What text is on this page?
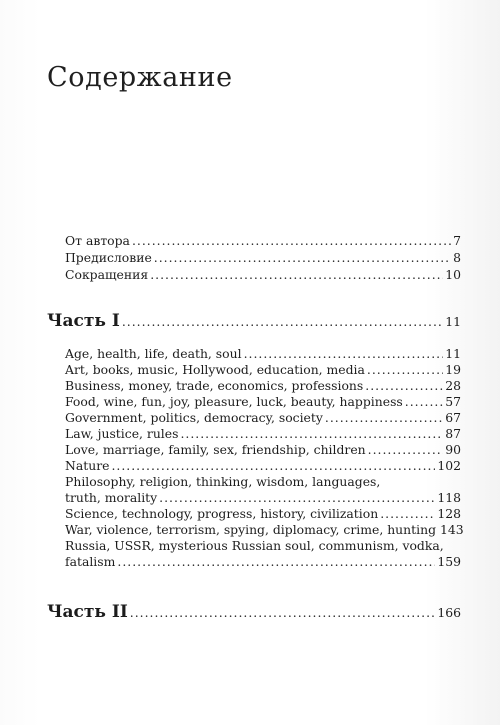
Содержание
От автора .....	7
Предисловие .....	8
Сокращения .....	10
Часть I .....	11
Age, health, life, death, soul .....	11
Art, books, music, Hollywood, education, media .....	19
Business, money, trade, economics, professions .....	28
Food, wine, fun, joy, pleasure, luck, beauty, happiness .....	57
Government, politics, democracy, society .....	67
Law, justice, rules .....	87
Love, marriage, family, sex, friendship, children .....	90
Nature .....	102
Philosophy, religion, thinking, wisdom, languages,
truth, morality .....	118
Science, technology, progress, history, civilization .....	128
War, violence, terrorism, spying, diplomacy, crime, hunting 143
Russia, USSR, mysterious Russian soul, communism, vodka,
fatalism .....	159
Часть II .....	166
